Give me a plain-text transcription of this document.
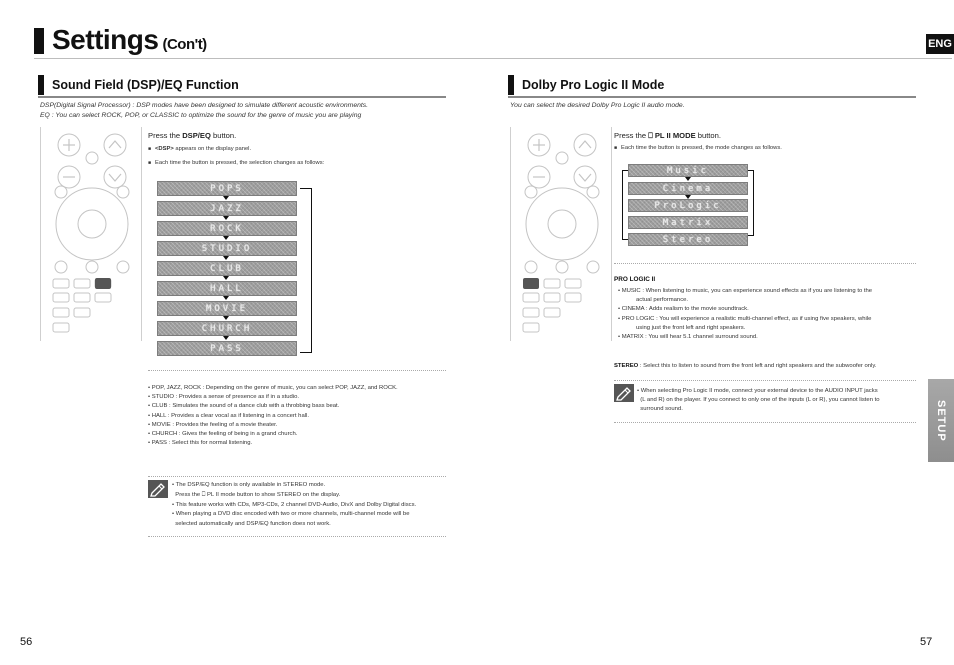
Settings (Con't)	ENG
Sound Field (DSP)/EQ Function
DSP(Digital Signal Processor) : DSP modes have been designed to simulate different acoustic environments.
EQ : You can select ROCK, POP, or CLASSIC to optimize the sound for the genre of music you are playing
Press the DSP/EQ button.
■ <DSP> appears on the display panel.
■ Each time the button is pressed, the selection changes as follows:
POPS
JAZZ
ROCK
STUDIO
CLUB
HALL
MOVIE
CHURCH
PASS
• POP, JAZZ, ROCK : Depending on the genre of music, you can select POP, JAZZ, and ROCK.
• STUDIO : Provides a sense of presence as if in a studio.
• CLUB : Simulates the sound of a dance club with a throbbing bass beat.
• HALL : Provides a clear vocal as if listening in a concert hall.
• MOVIE : Provides the feeling of a movie theater.
• CHURCH : Gives the feeling of being in a grand church.
• PASS : Select this for normal listening.
• The DSP/EQ function is only available in STEREO mode.
Press the ⎕ PL II mode button to show STEREO on the display.
• This feature works with CDs, MP3-CDs, 2 channel DVD-Audio, DivX and Dolby Digital discs.
• When playing a DVD disc encoded with two or more channels, multi-channel mode will be
selected automatically and DSP/EQ function does not work.
56
Dolby Pro Logic II Mode
You can select the desired Dolby Pro Logic II audio mode.
Press the ⎕ PL II MODE button.
■ Each time the button is pressed, the mode changes as follows.
Music
Cinema
ProLogic
Matrix
Stereo
PRO LOGIC II
• MUSIC : When listening to music, you can experience sound effects as if you are listening to the
actual performance.
• CINEMA : Adds realism to the movie soundtrack.
• PRO LOGIC : You will experience a realistic multi-channel effect, as if using five speakers, while
using just the front left and right speakers.
• MATRIX : You will hear 5.1 channel surround sound.
STEREO : Select this to listen to sound from the front left and right speakers and the subwoofer only.
• When selecting Pro Logic II mode, connect your external device to the AUDIO INPUT jacks
(L and R) on the player. If you connect to only one of the inputs (L or R), you cannot listen to
surround sound.	SETUP
57
